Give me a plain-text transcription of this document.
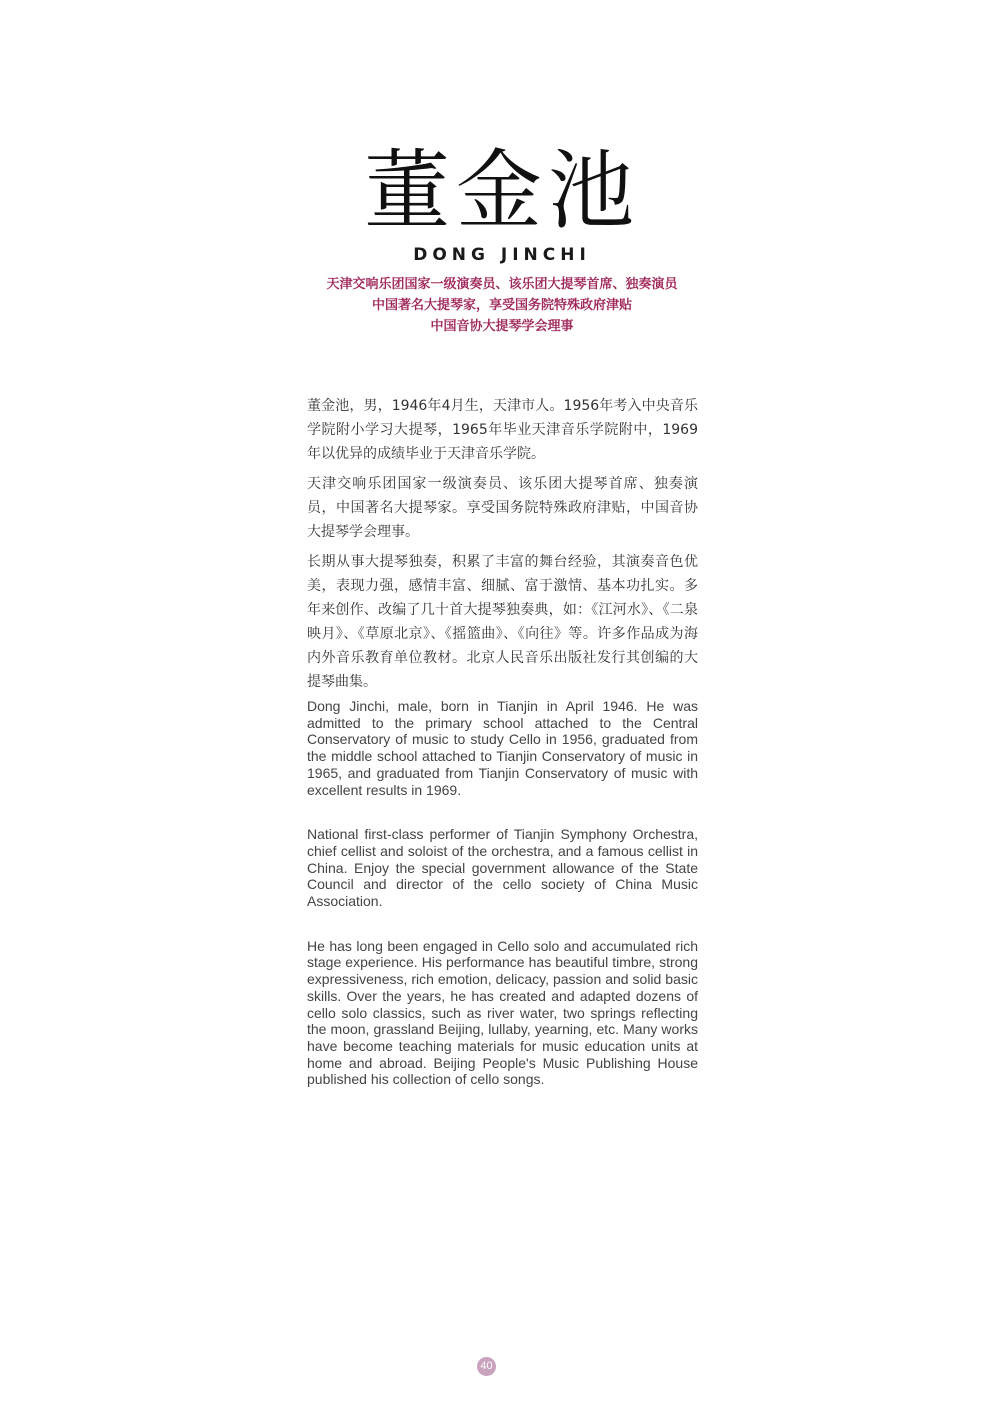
董金池
DONG JINCHI
天津交响乐团国家一级演奏员、该乐团大提琴首席、独奏演员
中国著名大提琴家，享受国务院特殊政府津贴
中国音协大提琴学会理事

董金池，男，1946年4月生，天津市人。1956年考入中央音乐学院附小学习大提琴，1965年毕业天津音乐学院附中，1969年以优异的成绩毕业于天津音乐学院。

天津交响乐团国家一级演奏员、该乐团大提琴首席、独奏演员，中国著名大提琴家。享受国务院特殊政府津贴，中国音协大提琴学会理事。

长期从事大提琴独奏，积累了丰富的舞台经验，其演奏音色优美，表现力强，感情丰富、细腻、富于激情、基本功扎实。多年来创作、改编了几十首大提琴独奏典，如：《江河水》、《二泉映月》、《草原北京》、《摇篮曲》、《向往》等。许多作品成为海内外音乐教育单位教材。北京人民音乐出版社发行其创编的大提琴曲集。

Dong Jinchi, male, born in Tianjin in April 1946. He was admitted to the primary school attached to the Central Conservatory of music to study Cello in 1956, graduated from the middle school attached to Tianjin Conservatory of music in 1965, and graduated from Tianjin Conservatory of music with excellent results in 1969.

National first-class performer of Tianjin Symphony Orchestra, chief cellist and soloist of the orchestra, and a famous cellist in China. Enjoy the special government allowance of the State Council and director of the cello society of China Music Association.

He has long been engaged in Cello solo and accumulated rich stage experience. His performance has beautiful timbre, strong expressiveness, rich emotion, delicacy, passion and solid basic skills. Over the years, he has created and adapted dozens of cello solo classics, such as river water, two springs reflecting the moon, grassland Beijing, lullaby, yearning, etc. Many works have become teaching materials for music education units at home and abroad. Beijing People's Music Publishing House published his collection of cello songs.

40
